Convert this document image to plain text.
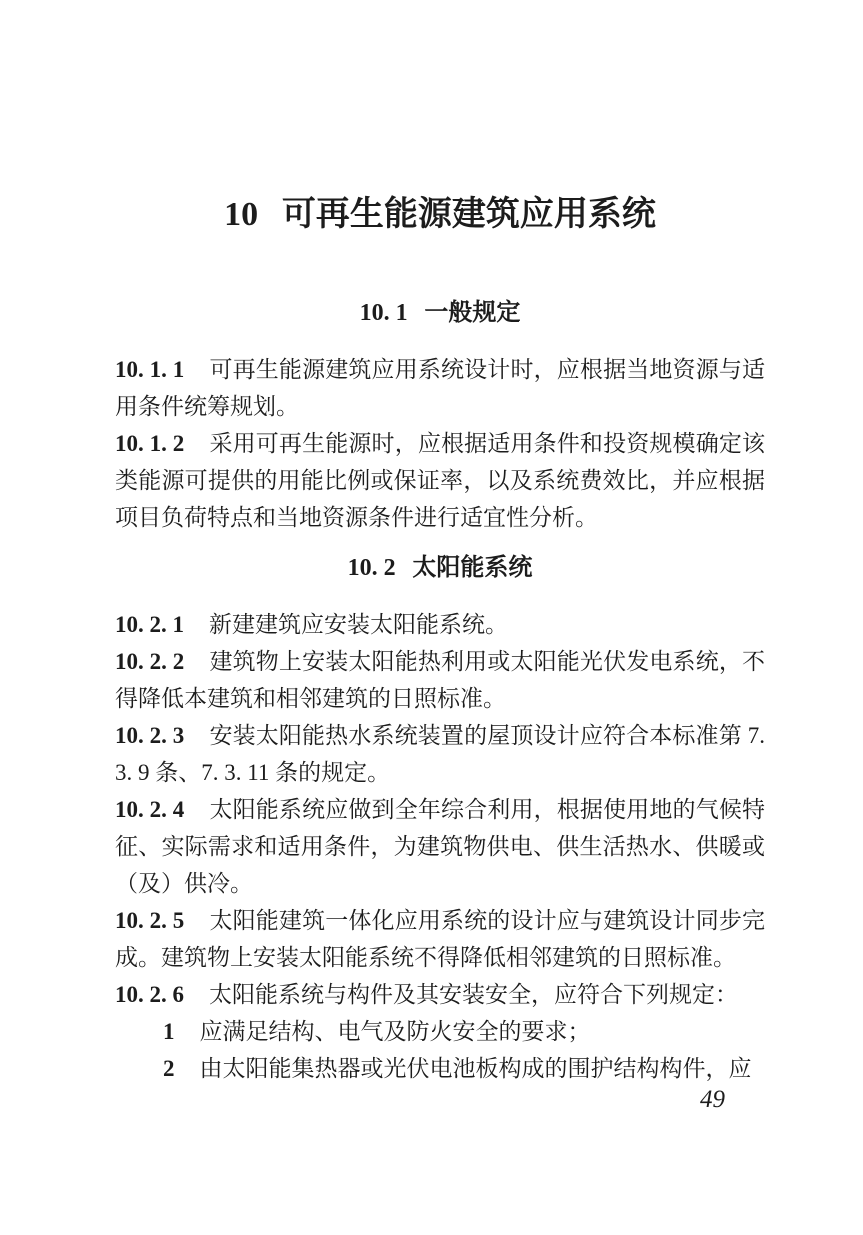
10 可再生能源建筑应用系统
10. 1 一般规定

10. 1. 1 可再生能源建筑应用系统设计时，应根据当地资源与适用条件统筹规划。

10. 1. 2 采用可再生能源时，应根据适用条件和投资规模确定该类能源可提供的用能比例或保证率，以及系统费效比，并应根据项目负荷特点和当地资源条件进行适宜性分析。

10. 2 太阳能系统

10. 2. 1 新建建筑应安装太阳能系统。

10. 2. 2 建筑物上安装太阳能热利用或太阳能光伏发电系统，不得降低本建筑和相邻建筑的日照标准。

10. 2. 3 安装太阳能热水系统装置的屋顶设计应符合本标准第 7. 3. 9 条、7. 3. 11 条的规定。

10. 2. 4 太阳能系统应做到全年综合利用，根据使用地的气候特征、实际需求和适用条件，为建筑物供电、供生活热水、供暖或（及）供冷。

10. 2. 5 太阳能建筑一体化应用系统的设计应与建筑设计同步完成。建筑物上安装太阳能系统不得降低相邻建筑的日照标准。

10. 2. 6 太阳能系统与构件及其安装安全，应符合下列规定：

1 应满足结构、电气及防火安全的要求；

2 由太阳能集热器或光伏电池板构成的围护结构构件，应

49
